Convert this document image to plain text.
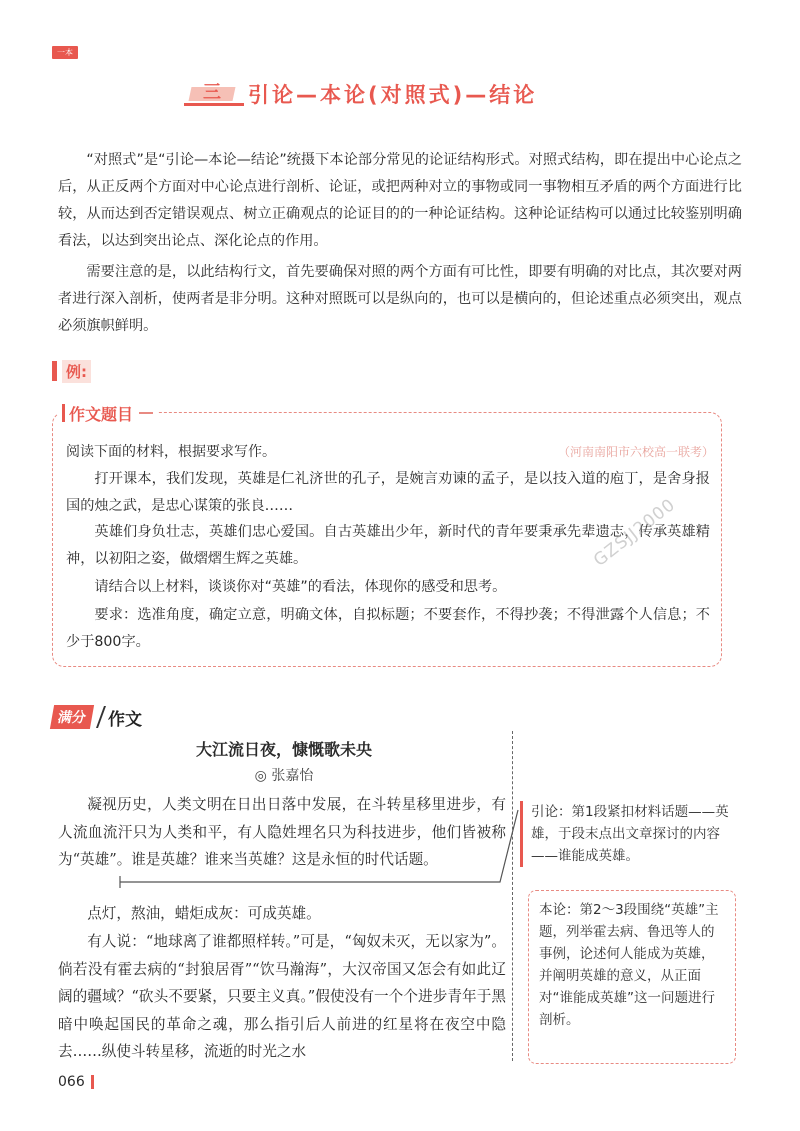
一本
三	引论—本论(对照式)—结论
“对照式”是“引论—本论—结论”统摄下本论部分常见的论证结构形式。对照式结构，即在提出中心论点之后，从正反两个方面对中心论点进行剖析、论证，或把两种对立的事物或同一事物相互矛盾的两个方面进行比较，从而达到否定错误观点、树立正确观点的论证目的的一种论证结构。这种论证结构可以通过比较鉴别明确看法，以达到突出论点、深化论点的作用。
需要注意的是，以此结构行文，首先要确保对照的两个方面有可比性，即要有明确的对比点，其次要对两者进行深入剖析，使两者是非分明。这种对照既可以是纵向的，也可以是横向的，但论述重点必须突出，观点必须旗帜鲜明。
例:
作文题目
阅读下面的材料，根据要求写作。	（河南南阳市六校高一联考）
打开课本，我们发现，英雄是仁礼济世的孔子，是婉言劝谏的孟子，是以技入道的庖丁，是舍身报国的烛之武，是忠心谋策的张良……
英雄们身负壮志，英雄们忠心爱国。自古英雄出少年，新时代的青年要秉承先辈遗志，传承英雄精神，以初阳之姿，做熠熠生辉之英雄。
请结合以上材料，谈谈你对“英雄”的看法，体现你的感受和思考。
要求：选准角度，确定立意，明确文体，自拟标题；不要套作，不得抄袭；不得泄露个人信息；不少于800字。
满分	作文
大江流日夜，慷慨歌未央
◎ 张嘉怡
凝视历史，人类文明在日出日落中发展，在斗转星移里进步，有人流血流汗只为人类和平，有人隐姓埋名只为科技进步，他们皆被称为“英雄”。谁是英雄？谁来当英雄？这是永恒的时代话题。
点灯，熬油，蜡炬成灰：可成英雄。
有人说：“地球离了谁都照样转。”可是，“匈奴未灭，无以家为”。倘若没有霍去病的“封狼居胥”“饮马瀚海”，大汉帝国又怎会有如此辽阔的疆域？“砍头不要紧，只要主义真。”假使没有一个个进步青年于黑暗中唤起国民的革命之魂，那么指引后人前进的红星将在夜空中隐去……纵使斗转星移，流逝的时光之水
引论：第1段紧扣材料话题——英雄，于段末点出文章探讨的内容——谁能成英雄。
本论：第2～3段围绕“英雄”主题，列举霍去病、鲁迅等人的事例，论述何人能成为英雄，并阐明英雄的意义，从正面对“谁能成英雄”这一问题进行剖析。
066
GZSJJ2000
